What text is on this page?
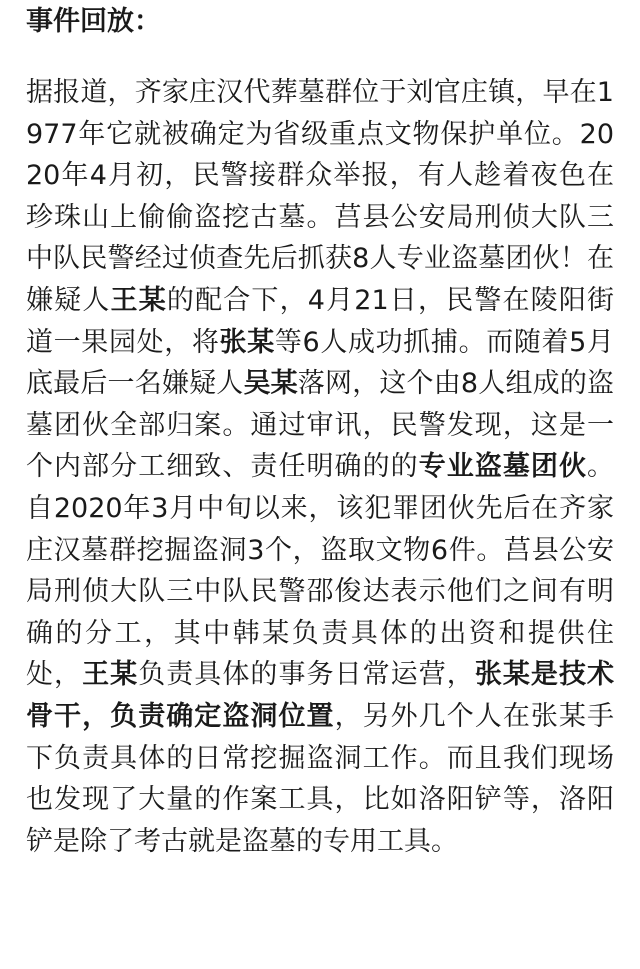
事件回放：

据报道，齐家庄汉代葬墓群位于刘官庄镇，早在1977年它就被确定为省级重点文物保护单位。2020年4月初，民警接群众举报，有人趁着夜色在珍珠山上偷偷盗挖古墓。莒县公安局刑侦大队三中队民警经过侦查先后抓获8人专业盗墓团伙！在嫌疑人王某的配合下，4月21日，民警在陵阳街道一果园处，将张某等6人成功抓捕。而随着5月底最后一名嫌疑人吴某落网，这个由8人组成的盗墓团伙全部归案。通过审讯，民警发现，这是一个内部分工细致、责任明确的的专业盗墓团伙。自2020年3月中旬以来，该犯罪团伙先后在齐家庄汉墓群挖掘盗洞3个，盗取文物6件。莒县公安局刑侦大队三中队民警邵俊达表示他们之间有明确的分工，其中韩某负责具体的出资和提供住处，王某负责具体的事务日常运营，张某是技术骨干，负责确定盗洞位置，另外几个人在张某手下负责具体的日常挖掘盗洞工作。而且我们现场也发现了大量的作案工具，比如洛阳铲等，洛阳铲是除了考古就是盗墓的专用工具。
